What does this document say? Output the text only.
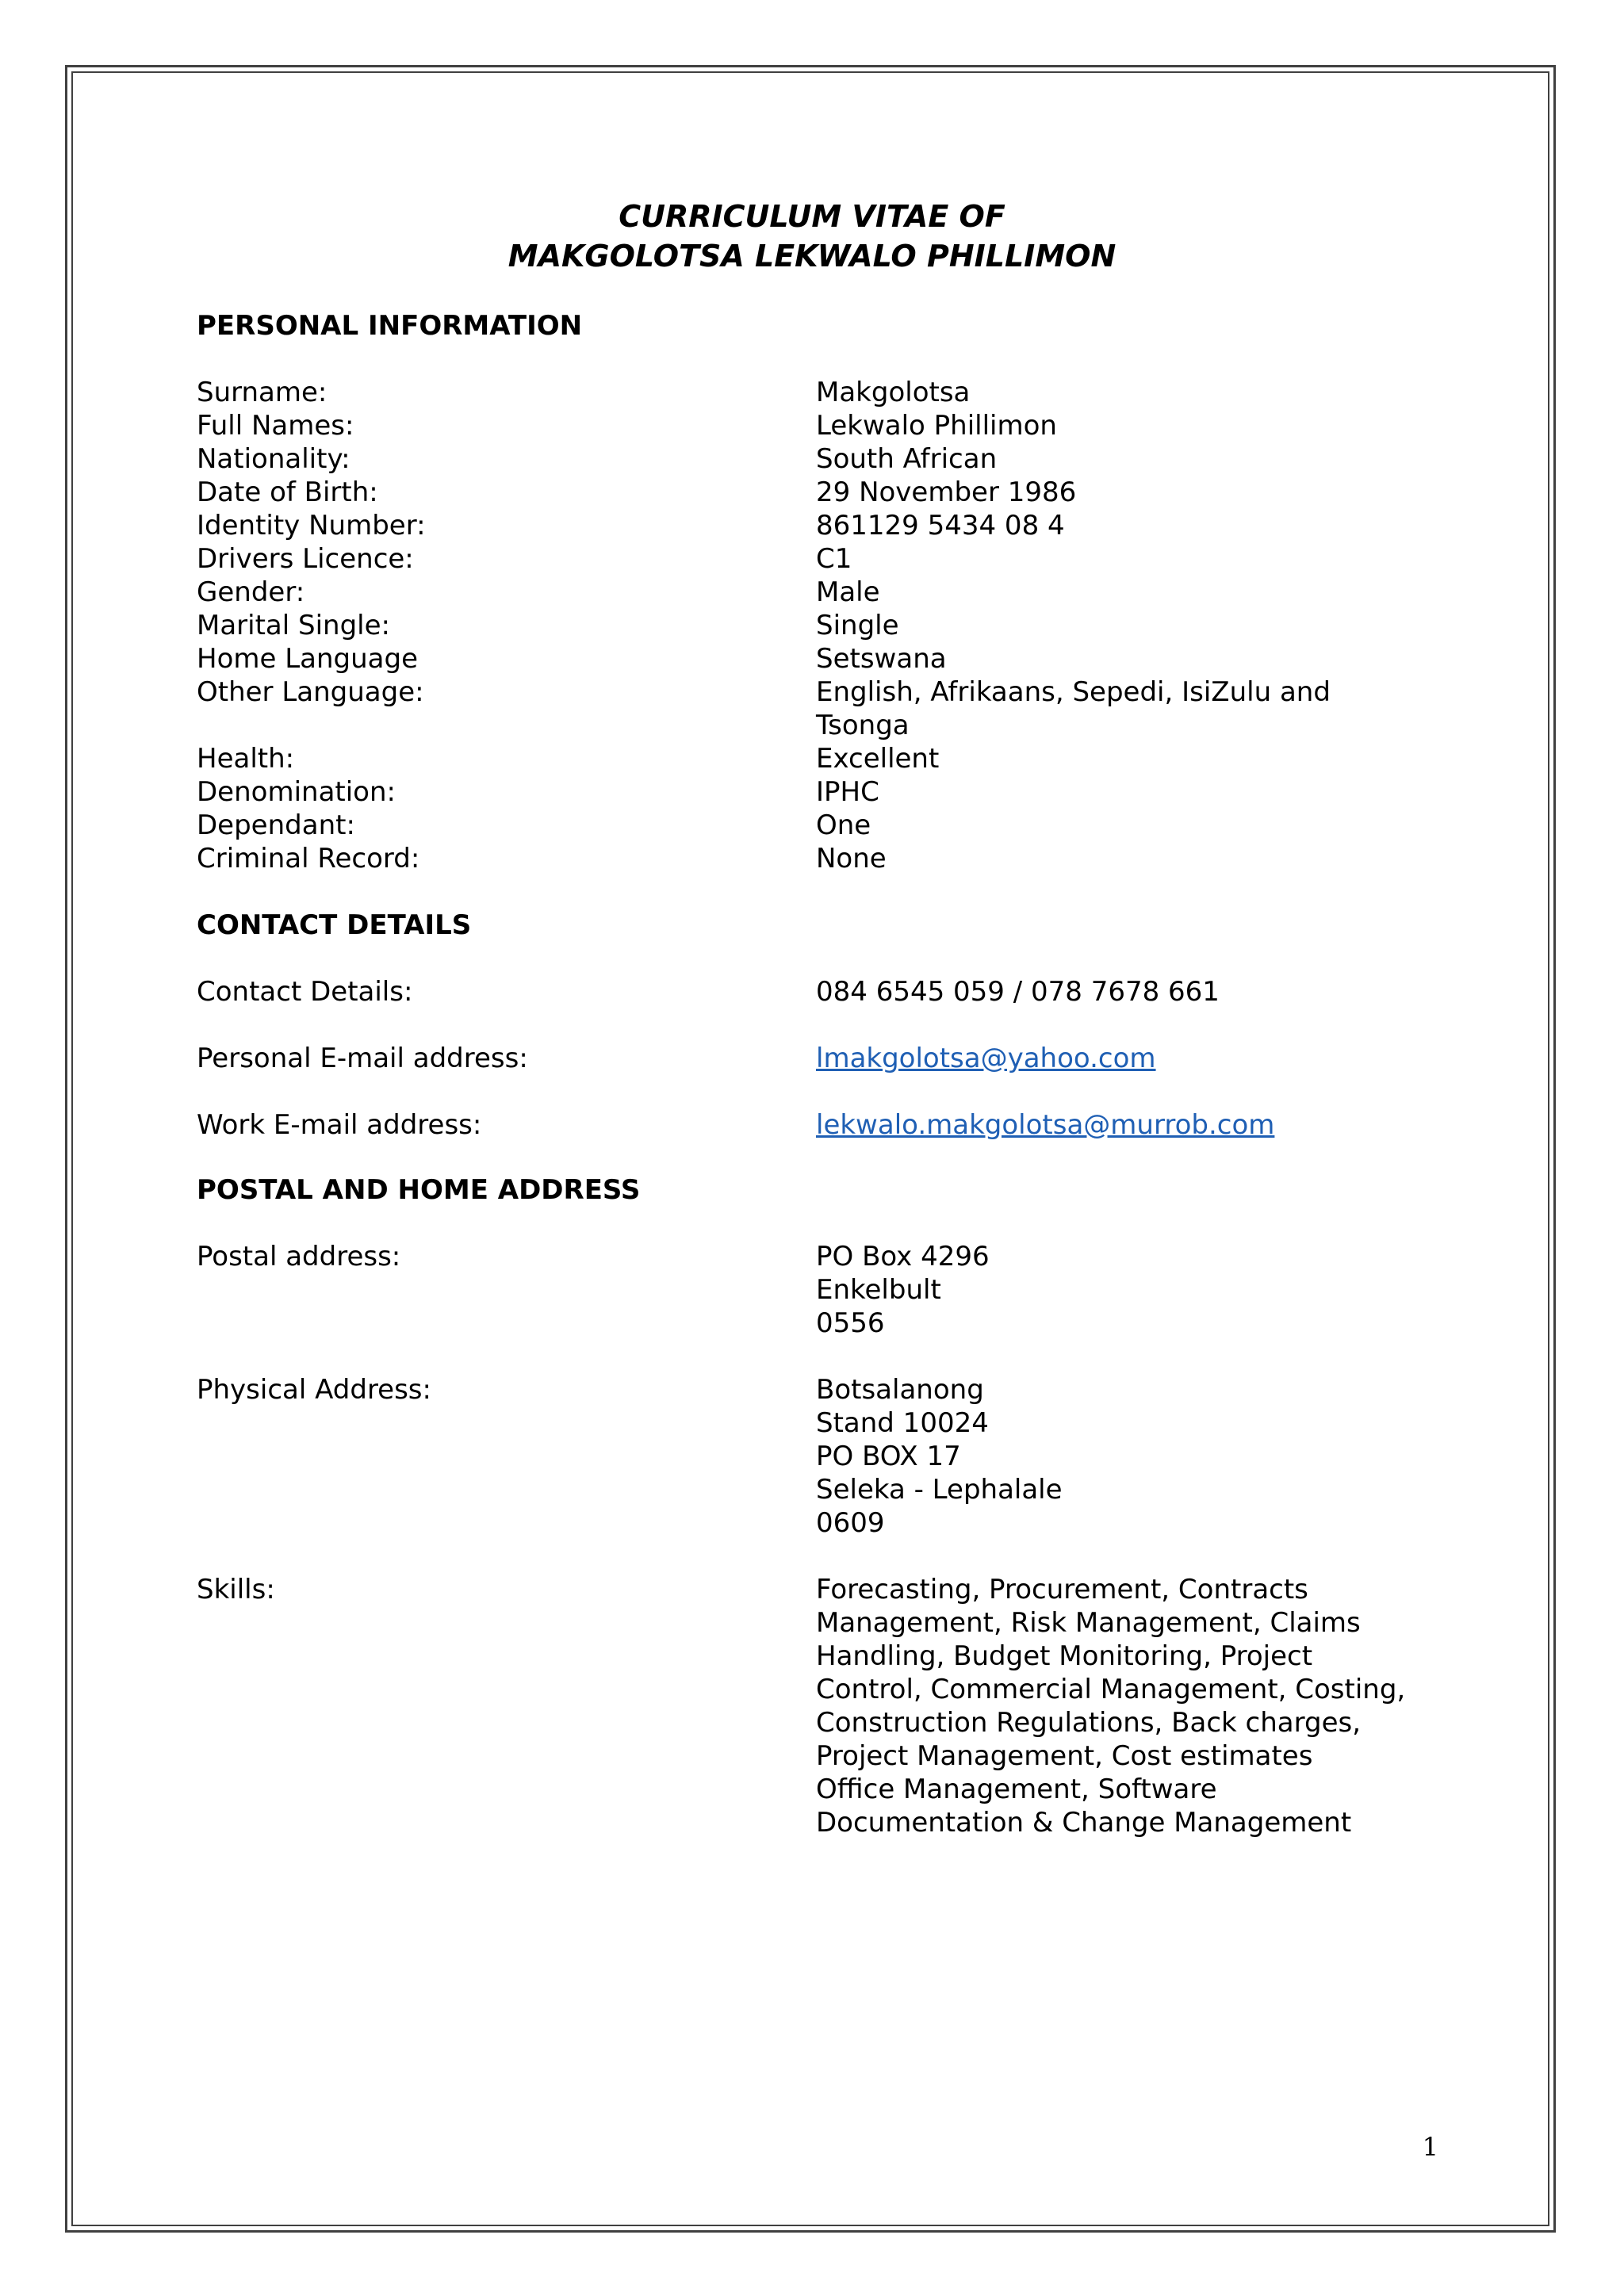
CURRICULUM VITAE OF
MAKGOLOTSA LEKWALO PHILLIMON
PERSONAL INFORMATION
Surname:	Makgolotsa
Full Names:	Lekwalo Phillimon
Nationality:	South African
Date of Birth:	29 November 1986
Identity Number:	861129 5434 08 4
Drivers Licence:	C1
Gender:	Male
Marital Single:	Single
Home Language	Setswana
Other Language:	English, Afrikaans, Sepedi, IsiZulu and
Tsonga
Health:	Excellent
Denomination:	IPHC
Dependant:	One
Criminal Record:	None
CONTACT DETAILS
Contact Details:	084 6545 059 / 078 7678 661
Personal E-mail address:	lmakgolotsa@yahoo.com
Work E-mail address:	lekwalo.makgolotsa@murrob.com
POSTAL AND HOME ADDRESS
Postal address:	PO Box 4296
Enkelbult
0556
Physical Address:	Botsalanong
Stand 10024
PO BOX 17
Seleka - Lephalale
0609
Skills:	Forecasting, Procurement, Contracts
Management, Risk Management, Claims
Handling, Budget Monitoring, Project
Control, Commercial Management, Costing,
Construction Regulations, Back charges,
Project Management, Cost estimates
Office Management, Software
Documentation & Change Management
1
